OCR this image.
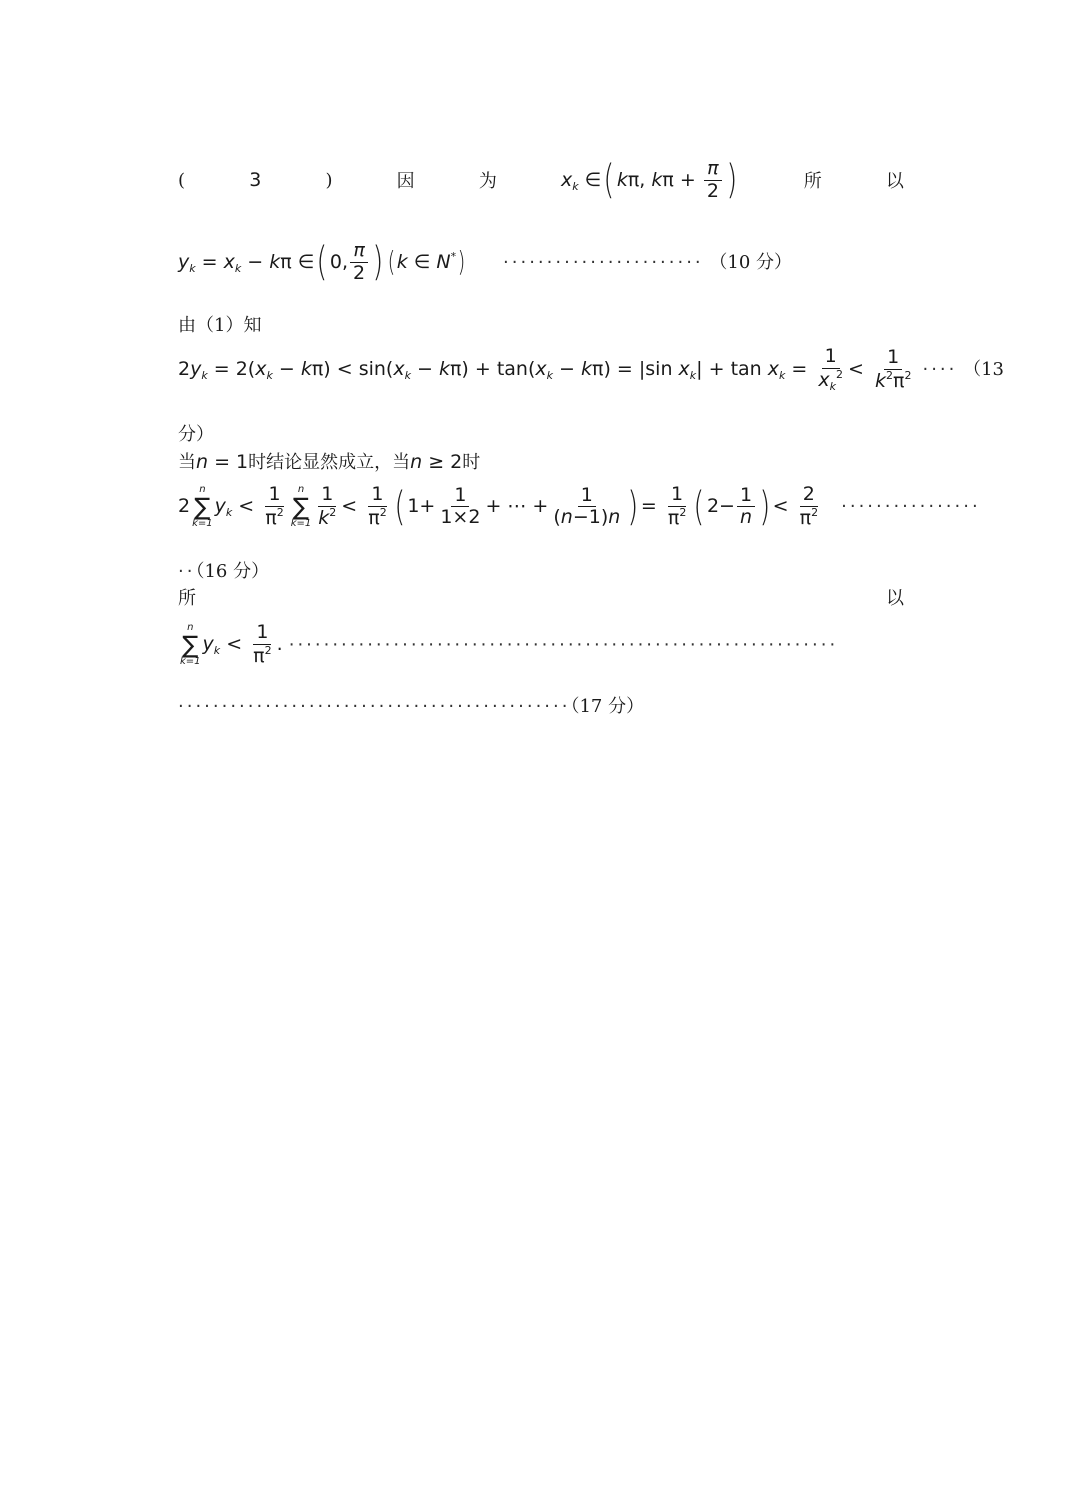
(	3	)	因	为	$x_k$ ∈( kπ, $k\pi + \frac{\pi}{2}$ )	所	以
$y_k = x_k - k\pi$ ∈( 0, $\frac{\pi}{2}$ ) (k ∈ N*) ······················· （10 分）
由（1）知
$2y_k = 2(x_k - k\pi) < \sin(x_k - k\pi) + \tan(x_k - k\pi) = |\sin$ $x_k| + \tan x_k = \frac{1}{x_k^2} < \frac{1}{k^2\pi^2}$ ···· （13
分）
当n = 1时结论显然成立，当n ≥ 2时
2
n
∑
k=1
$y_k < \frac{1}{\pi^2}$ n
∑
$k=1 \frac{1}{k^2} < \frac{1}{\pi^2}$ ( $1+ \frac{1}{1\times 2}$ + ⋯ + $\frac{1}{(n-1)n}$ ) = $\frac{1}{\pi^2}$ ( $2- \frac{1}{n}$ ) < $\frac{2}{\pi^2}$ ················
··（16 分）
所	以
n
∑
k=1
$y_k < \frac{1}{\pi^2}$ . ·······························································
·············································（17 分）
